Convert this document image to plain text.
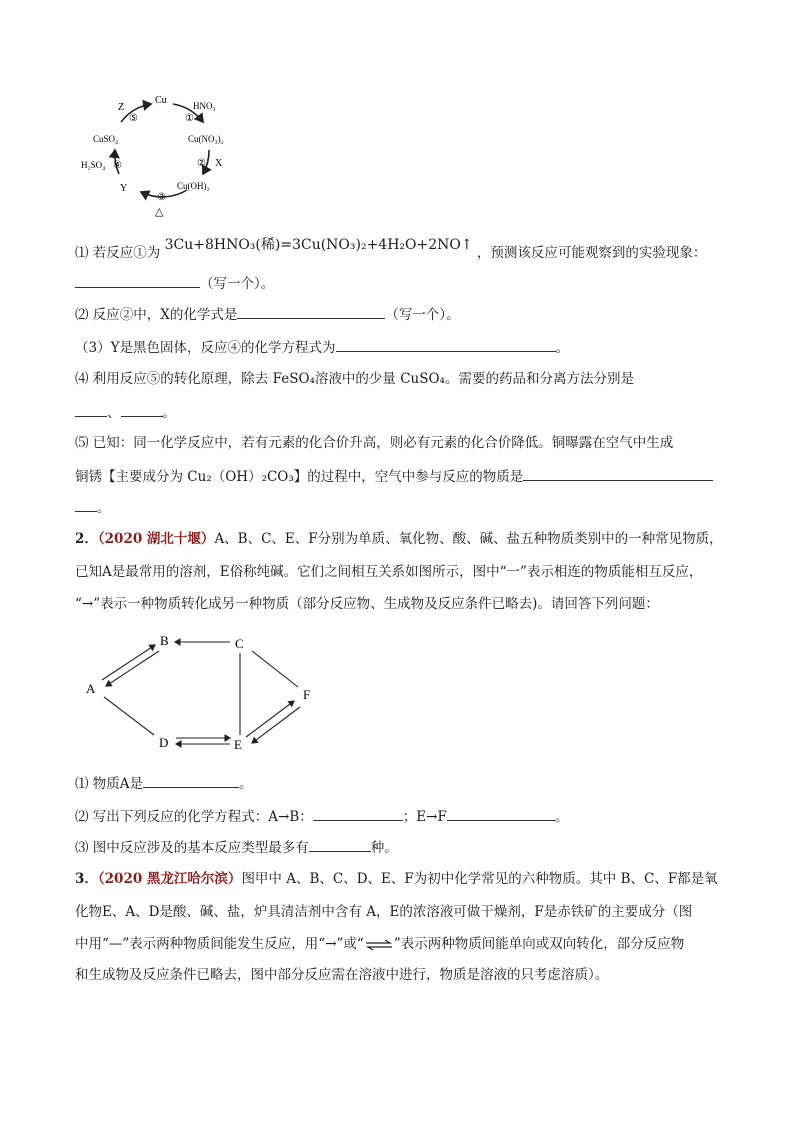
Cu	HNO₃
①
Cu(NO₃)₂
② X
Cu(OH)₂
③
△
Y
H₂SO₄ ④
CuSO₄
Z
⑤
⑴ 若反应①为 3Cu+8HNO₃(稀)=3Cu(NO₃)₂+4H₂O+2NO↑ ，预测该反应可能观察到的实验现象：
（写一个）。
⑵ 反应②中，X的化学式是	（写一个）。
（3）Y是黑色固体，反应④的化学方程式为	。
⑷ 利用反应⑤的转化原理，除去 FeSO₄溶液中的少量 CuSO₄。需要的药品和分离方法分别是
、	。
⑸ 已知：同一化学反应中，若有元素的化合价升高，则必有元素的化合价降低。铜曝露在空气中生成
铜锈【主要成分为 Cu₂（OH）₂CO₃】的过程中，空气中参与反应的物质是
。
2．（2020 湖北十堰）A、B、C、E、F分别为单质、氧化物、酸、碱、盐五种物质类别中的一种常见物质，
已知A是最常用的溶剂，E俗称纯碱。它们之间相互关系如图所示，图中“一”表示相连的物质能相互反应，
“→”表示一种物质转化成另一种物质（部分反应物、生成物及反应条件已略去)。请回答下列问题：
A
B	C
D	E
F
⑴ 物质A是	。
⑵ 写出下列反应的化学方程式：A→B：	；E→F	。
⑶ 图中反应涉及的基本反应类型最多有	种。
3．（2020 黑龙江哈尔滨）图甲中 A、B、C、D、E、F为初中化学常见的六种物质。其中 B、C、F都是氧
化物E、A、D是酸、碱、盐，炉具清洁剂中含有 A，E的浓溶液可做干燥剂，F是赤铁矿的主要成分（图
中用“—”表示两种物质间能发生反应，用“→”或“ ”表示两种物质间能单向或双向转化，部分反应物
和生成物及反应条件已略去，图中部分反应需在溶液中进行，物质是溶液的只考虑溶质）。
